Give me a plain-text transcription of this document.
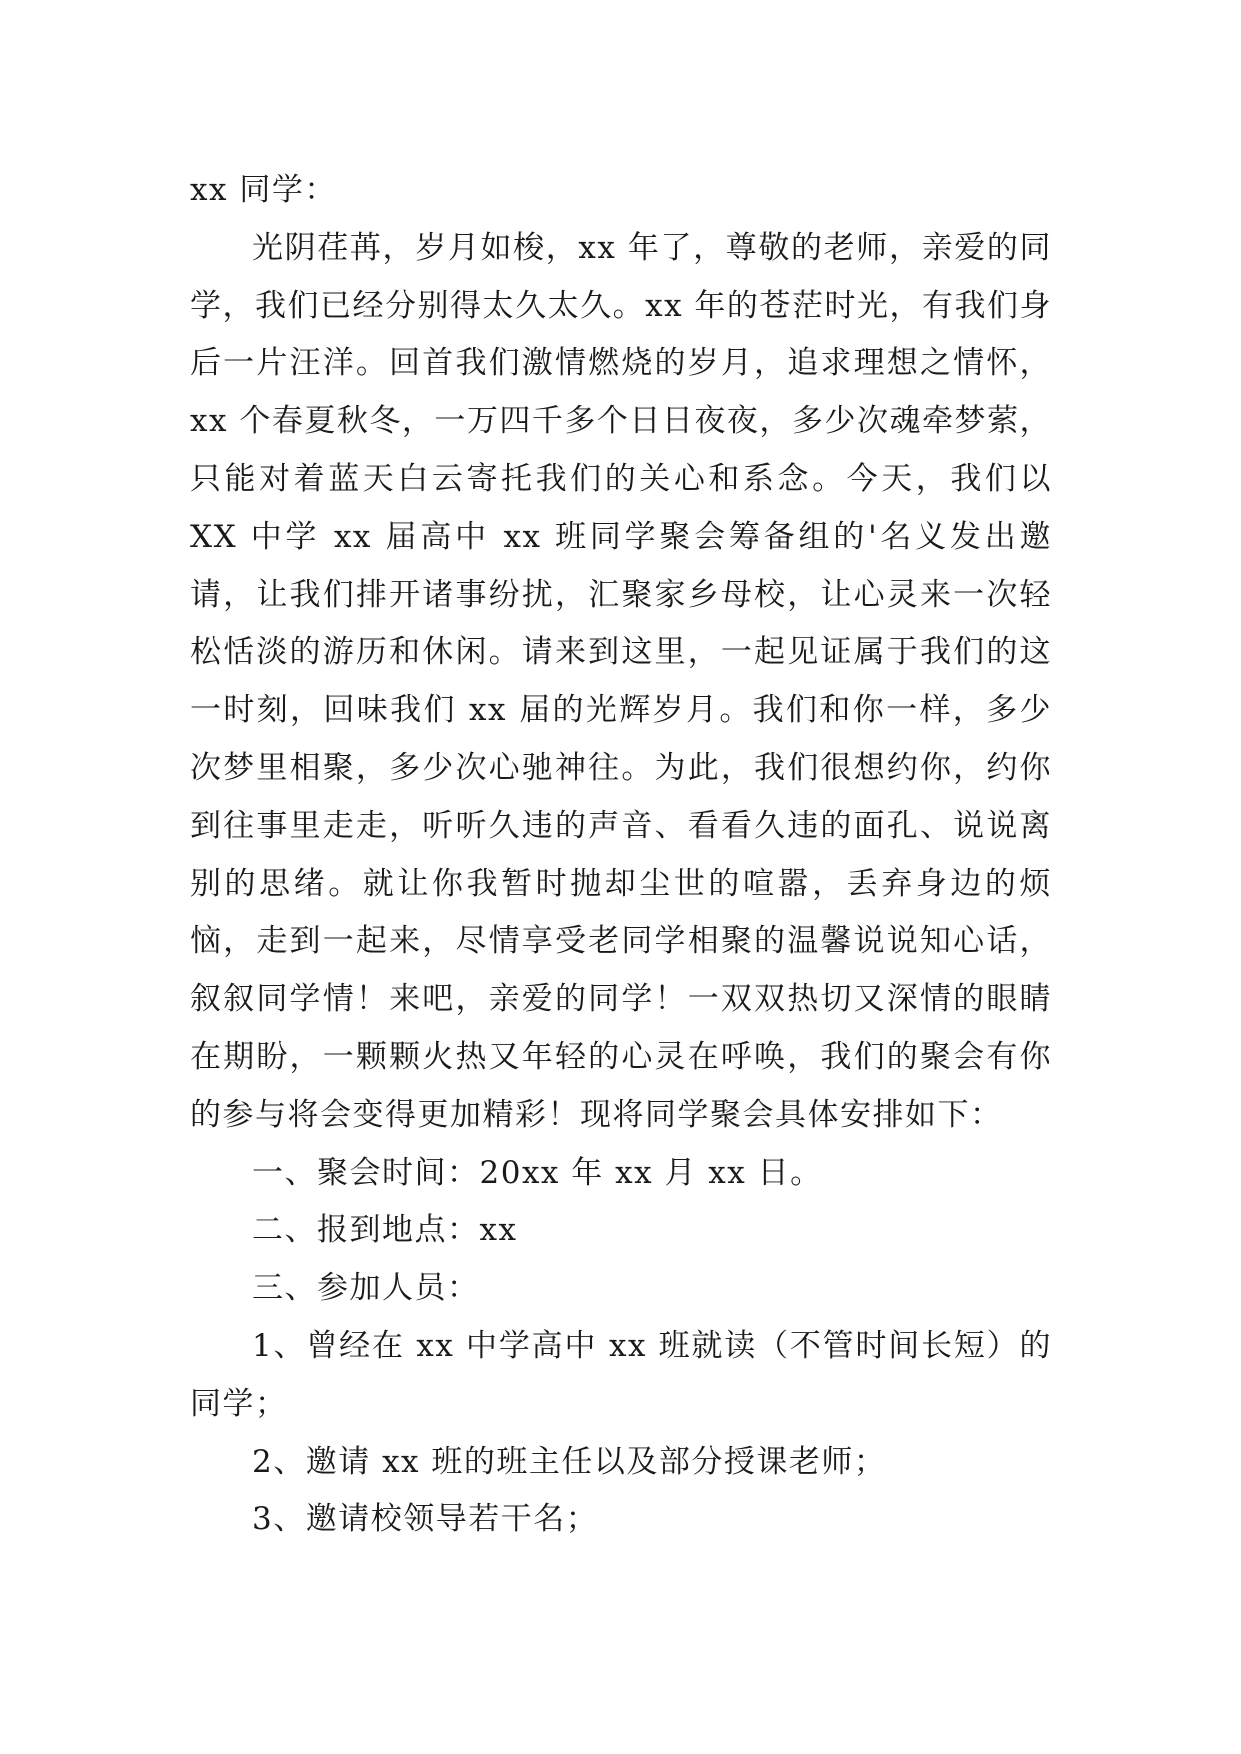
xx 同学：

光阴荏苒，岁月如梭，xx 年了，尊敬的老师，亲爱的同学，我们已经分别得太久太久。xx 年的苍茫时光，有我们身后一片汪洋。回首我们激情燃烧的岁月，追求理想之情怀，xx 个春夏秋冬，一万四千多个日日夜夜，多少次魂牵梦萦，只能对着蓝天白云寄托我们的关心和系念。今天，我们以 XX 中学 xx 届高中 xx 班同学聚会筹备组的'名义发出邀请，让我们排开诸事纷扰，汇聚家乡母校，让心灵来一次轻松恬淡的游历和休闲。请来到这里，一起见证属于我们的这一时刻，回味我们 xx 届的光辉岁月。我们和你一样，多少次梦里相聚，多少次心驰神往。为此，我们很想约你，约你到往事里走走，听听久违的声音、看看久违的面孔、说说离别的思绪。就让你我暂时抛却尘世的喧嚣，丢弃身边的烦恼，走到一起来，尽情享受老同学相聚的温馨说说知心话，叙叙同学情！来吧，亲爱的同学！一双双热切又深情的眼睛在期盼，一颗颗火热又年轻的心灵在呼唤，我们的聚会有你的参与将会变得更加精彩！现将同学聚会具体安排如下：

一、聚会时间：20xx 年 xx 月 xx 日。

二、报到地点：xx

三、参加人员：

1、曾经在 xx 中学高中 xx 班就读（不管时间长短）的同学；

2、邀请 xx 班的班主任以及部分授课老师；

3、邀请校领导若干名；
